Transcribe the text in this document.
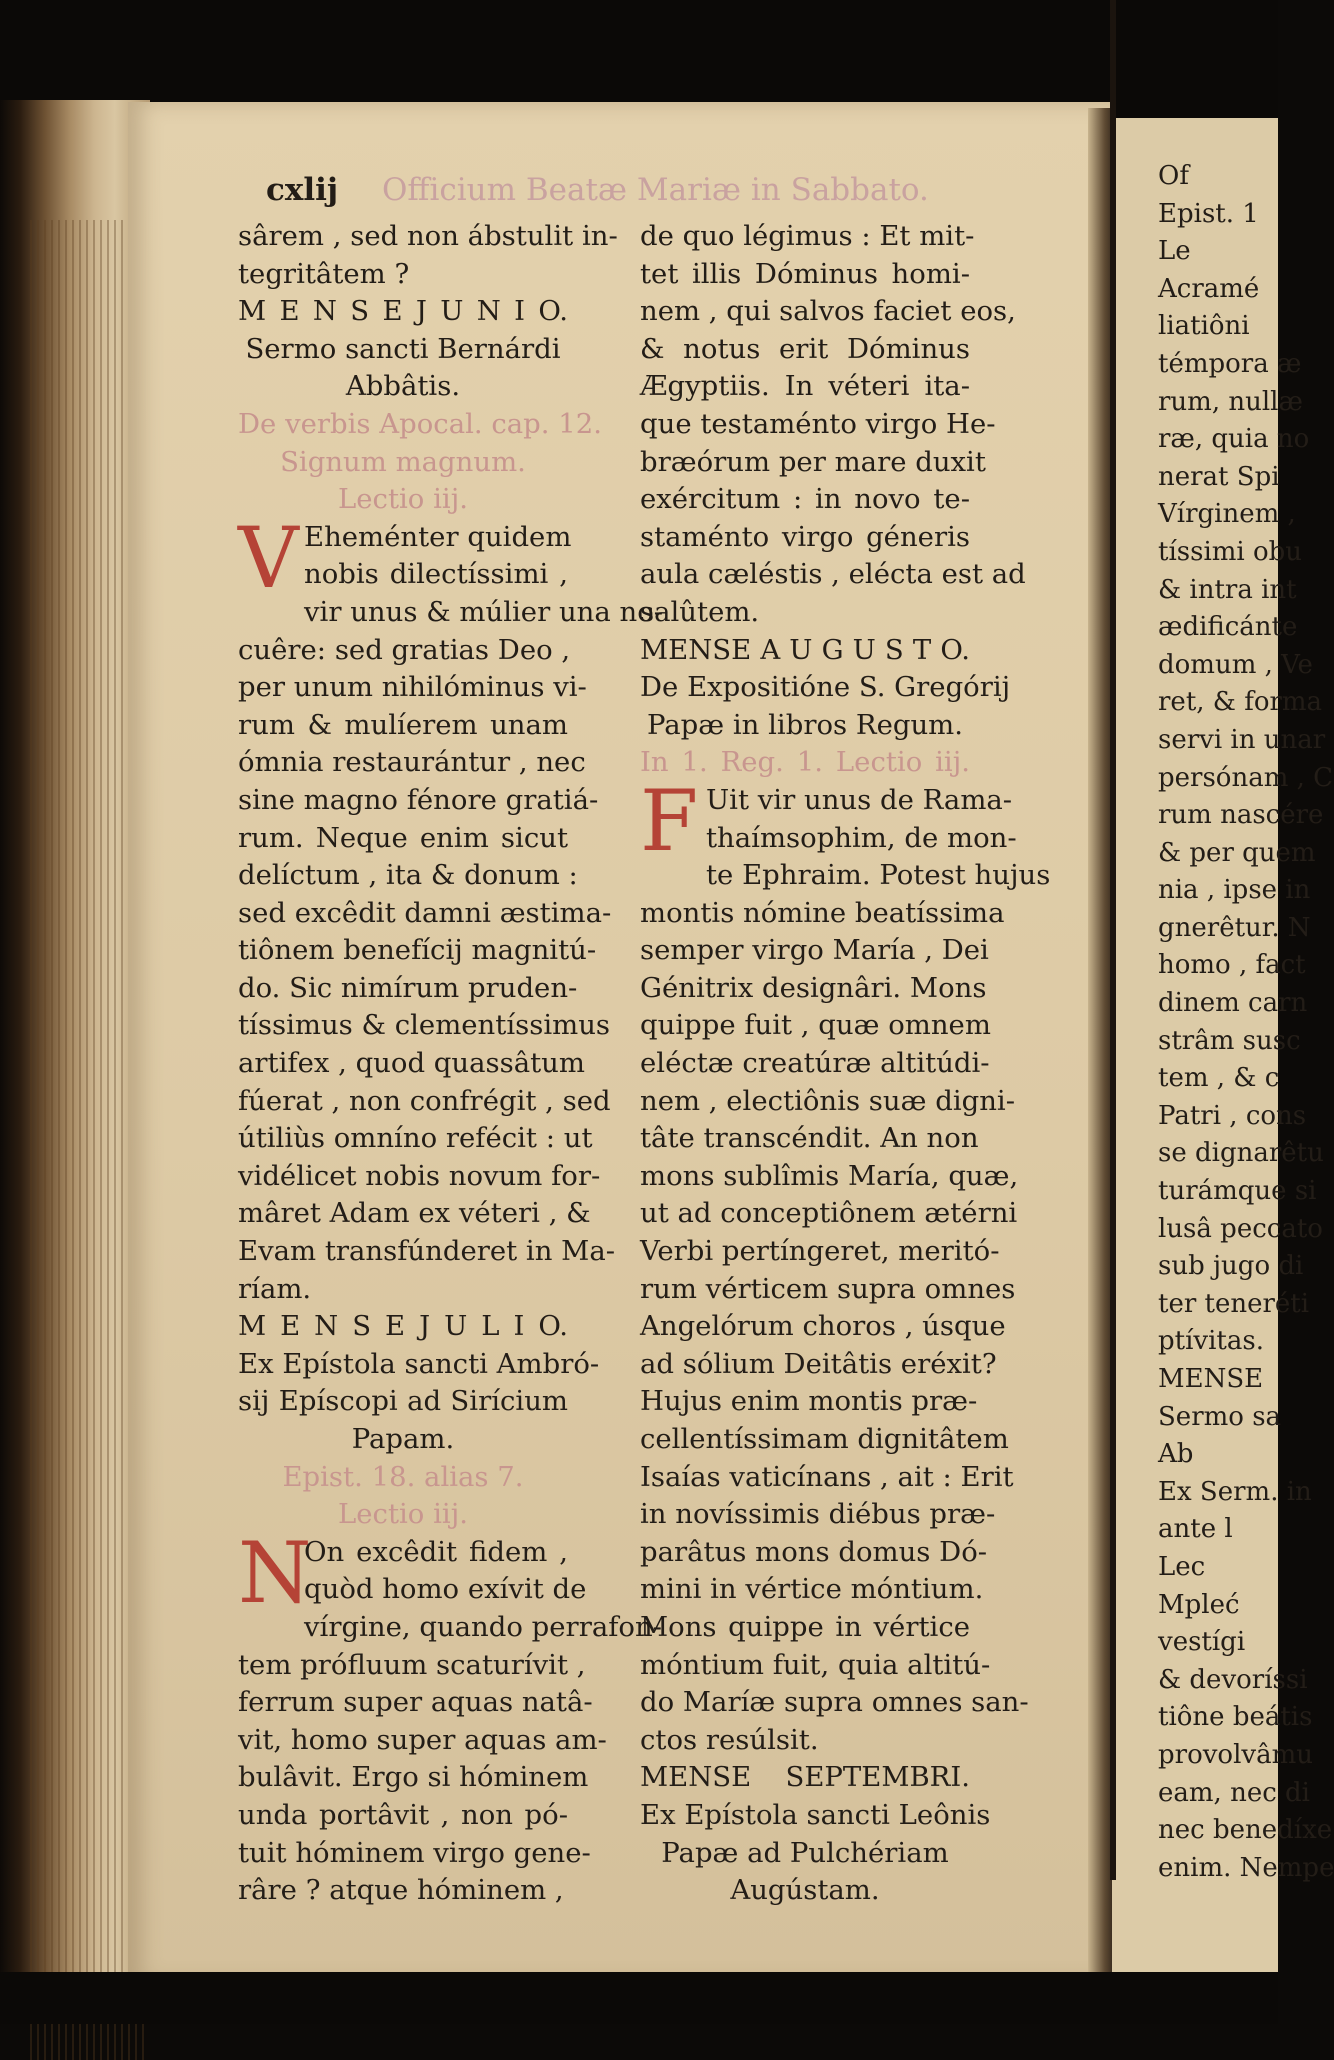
Of

Epist. 1

Le

Acramé

liatiôni

témpora æ

rum, nullæ

ræ, quia no

nerat Spi

Vírginem ,

tíssimi obu

& intra int

ædificánte

domum , Ve

ret, & forma

servi in unar

persónam , C

rum nascére

& per quem

nia , ipse in

gnerêtur. N

homo , fact

dinem carn

strâm susc

tem , & c

Patri , cons

se dignarêtu

turámque si

lusâ peccato

sub jugo di

ter teneréti

ptívitas.

MENSE

Sermo sa

Ab

Ex Serm. in

ante l

Lec

Mpleć

vestígi

& devoríssi

tiône beátis

provolvâmu

eam, nec di

nec benedíxe

enim. Nempe

cxlij Officium Beatæ Mariæ in Sabbato.

sârem , sed non ábstulit in-

tegritâtem ?

M E N S E J U N I O.

Sermo sancti Bernárdi

Abbâtis.

De verbis Apocal. cap. 12.

Signum magnum.

Lectio iij.

V Eheménter quidem

nobis dilectíssimi ,

vir unus & múlier una no-

cuêre: sed gratias Deo ,

per unum nihilóminus vi-

rum & mulíerem unam

ómnia restaurántur , nec

sine magno fénore gratiá-

rum. Neque enim sicut

delíctum , ita & donum :

sed excêdit damni æstima-

tiônem benefícij magnitú-

do. Sic nimírum pruden-

tíssimus & clementíssimus

artifex , quod quassâtum

fúerat , non confrégit , sed

útiliùs omníno refécit : ut

vidélicet nobis novum for-

mâret Adam ex véteri , &

Evam transfúnderet in Ma-

ríam.

M E N S E J U L I O.

Ex Epístola sancti Ambró-

sij Epíscopi ad Sirícium

Papam.

Epist. 18. alias 7.

Lectio iij.

N
On excêdit fidem ,

quòd homo exívit de

vírgine, quando perrafon-

tem prófluum scaturívit ,

ferrum super aquas natâ-

vit, homo super aquas am-

bulâvit. Ergo si hóminem

unda portâvit , non pó-

tuit hóminem virgo gene-

râre ? atque hóminem ,

de quo légimus : Et mit-

tet illis Dóminus homi-

nem , qui salvos faciet eos,

& notus erit Dóminus

Ægyptiis. In véteri ita-

que testaménto virgo He-

bræórum per mare duxit

exércitum : in novo te-

staménto virgo géneris

aula cæléstis , elécta est ad

salûtem.

MENSE A U G U S T O.

De Expositióne S. Gregórij

Papæ in libros Regum.

In 1. Reg. 1. Lectio iij.

F Uit vir unus de Rama-

thaímsophim, de mon-

te Ephraim. Potest hujus

montis nómine beatíssima

semper virgo María , Dei

Génitrix designâri. Mons

quippe fuit , quæ omnem

eléctæ creatúræ altitúdi-

nem , electiônis suæ digni-

tâte transcéndit. An non

mons sublîmis María, quæ,

ut ad conceptiônem ætérni

Verbi pertíngeret, meritó-

rum vérticem supra omnes

Angelórum choros , úsque

ad sólium Deitâtis eréxit?

Hujus enim montis præ-

cellentíssimam dignitâtem

Isaías vaticínans , ait : Erit

in novíssimis diébus præ-

parâtus mons domus Dó-

mini in vértice móntium.

Mons quippe in vértice

móntium fuit, quia altitú-

do Maríæ supra omnes san-

ctos resúlsit.

MENSE SEPTEMBRI.

Ex Epístola sancti Leônis

Papæ ad Pulchériam

Augústam.
